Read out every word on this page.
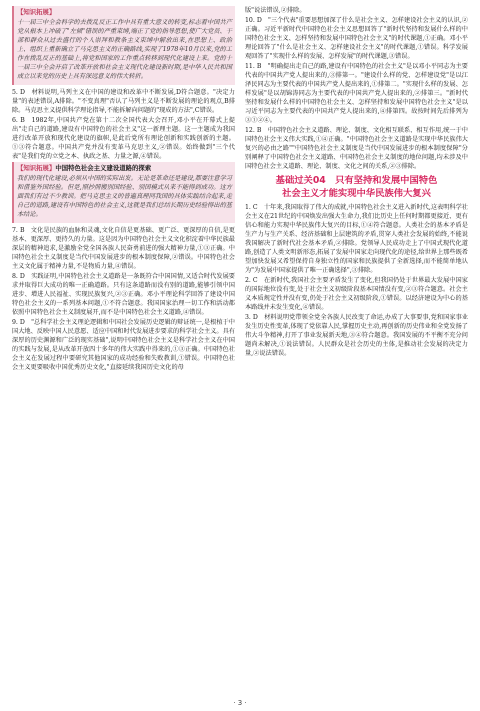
【知识拓展】

十一届三中全会科学的去拨乱反正工作中具有重大意义的转变,标志着中国共产党从根本上冲破了"左倾"错误的严重束缚,端正了党的指导思想,使广大党员、干部和群众从过去盛行的个人崇拜和教条主义束缚中解放出来,在思想上、政治上、组织上重新确立了马克思主义的正确路线,实现了1978年10月以来,党的工作在拨乱反正的基础上,将党和国家的工作重点转移到现代化建设上来。党的十一届三中全会开启了改革开放和社会主义现代化建设新时期,是中华人民共和国成立以来党的历史上具有深远意义的伟大转折。

5. D　材料说明,马列主义在中国的建设和改革中不断发展,D符合题意。"决定力量"的表述错误,A排除。"不变真理"否认了马列主义是不断发展的理论的观点,B排除。马克思主义提供科学理论指导,不能拆解向问题的"现成的方法",C错误。

6. B　1982年,中国共产党在第十二次全国代表大会召开,邓小平在开幕式上提出"走自己的道路,建设有中国特色的社会主义"这一新理主题。这一主题成为我国进行改革开放和现代化建设的旗帜,是此后党所有理论创新和实践创新的主题。①③符合题意。中国共产党并没有变革马克思主义,②错误。始终做到"三个代表"是我们党的立党之本、执政之基、力量之源,④错误。

【知识拓展】中国特色社会主义建设道路的探索

我们的现代化建设,必须从中国的实际出发。无论是革命还是建设,都要注意学习和借鉴外国经验。但是,照抄照搬别国经验、别国模式从来不能得到成功。这方面我们有过不少教训。把马克思主义的普遍真理同我国的具体实践结合起来,走自己的道路,建设有中国特色的社会主义,这就是我们总结长期历史经验得出的基本结论。

7. B　文化是民族的血脉和灵魂,文化自信是更基础、更广泛、更深厚的自信,是更基本、更深厚、更持久的力量。这是因为中国特色社会主义文化积淀着中华民族最深层的精神追求,是激励全党全国各族人民奋勇前进的强大精神力量,①③正确。中国特色社会主义制度是当代中国发展进步的根本制度保障,②错误。中国特色社会主义文化属于精神力量,不是物质力量,④错误。

8. D　实践证明,中国特色社会主义道路是一条既符合中国国情,又适合时代发展要求并取得巨大成功的唯一正确道路。只有这条道路而没有别的道路,能够引领中国进步、增进人民福祉、实现民族复兴,②③正确。邓小平理论科学回答了建设中国特色社会主义的一系列基本问题,①不符合题意。我国国家治理一切工作和活动都依照中国特色社会主义制度展开,而不是中国特色社会主义道路,④错误。

9. D　"总科学社会主义理论逻辑和中国社会发展历史逻辑的辩证统一,是根植于中国大地、反映中国人民意愿、适应中国和时代发展进步要求的科学社会主义。具有深厚的历史渊源和广泛的现实基础",说明中国特色社会主义是科学社会主义在中国的实践与发展,是从改革开放四十多年的伟大实践中得来的,①③正确。中国特色社会主义在发展过程中要研究其他国家的成功经验和失败教训,①错误。中国特色社会主义更要吸收中国优秀历史文化,"直接延续我国历史文化的母

版"说法错误,②排除。

10. D　"三个代表"重要思想加深了什么是社会主义、怎样建设社会主义的认识,②正确。习近平新时代中国特色社会主义思想回答了"新时代坚持和发展什么样的中国特色社会主义、怎样坚持和发展中国特色社会主义"的时代课题,①正确。邓小平理论回答了"什么是社会主义、怎样建设社会主义"的时代课题,①错误。科学发展观回答了"实现什么样的发展、怎样发展"的时代课题,③错误。

11. B　"明确提出走自己的路,建设有中国特色的社会主义"是以邓小平同志为主要代表的中国共产党人提出来的,③排第一。"建设什么样的党、怎样建设党"是以江泽民同志为主要代表的中国共产党人提出来的,①排第二。"实现什么样的发展、怎样发展"是以胡锦涛同志为主要代表的中国共产党人提出来的,②排第三。"新时代坚持和发展什么样的中国特色社会主义、怎样坚持和发展中国特色社会主义"是以习近平同志为主要代表的中国共产党人提出来的,④排第四。故按时间先后排列为③①②④。

12. B　中国特色社会主义道路、理论、制度、文化相互联系、相互作用,统一于中国特色社会主义伟大实践,①④正确。"中国特色社会主义道路是实现中华民族伟大复兴的必由之路""中国特色社会主义制度是当代中国发展进步的根本制度保障"分别阐释了中国特色社会主义道路、中国特色社会主义制度的地位问题,均未涉及中国特色社会主义道路、理论、制度、文化之间的关系,②③排除。

基础过关04　只有坚持和发展中国特色
社会主义才能实现中华民族伟大复兴

1. C　十年来,我国取得了伟大的成就,中国特色社会主义进入新时代,这表明科学社会主义在21世纪的中国焕发出强大生命力,我们比历史上任何时期都更接近、更有信心和能力实现中华民族伟大复兴的目标,①④符合题意。人类社会的基本矛盾是生产力与生产关系、经济基础和上层建筑的矛盾,贯穿人类社会发展的始终,不能说我国解决了新时代社会基本矛盾,②排除。党领导人民成功走上了中国式现代化道路,创造了人类文明新形态,拓展了发展中国家走向现代化的途径,给世界上那些既希望加快发展又希望保持自身独立性的国家和民族提供了全新选择,而不能简单地认为"为发展中国家提供了唯一正确选择",③排除。

2. C　在新时代,我国社会主要矛盾发生了变化,但我国仍处于世界最大发展中国家的国际地位没有变,处于社会主义初级阶段基本国情没有变,②③符合题意。社会主义本质规定性并没有变,仍处于社会主义初级阶段,①错误。以经济建设为中心的基本路线并未发生变化,④错误。

3. D　材料说明党带领全党全各族人民改变了命运,办成了大事要事,党和国家事业发生历史性变革,体现了党依靠人民,掌握历史主动,再创新的历史伟业和全党发扬了伟大斗争精神,打开了事业发展新天地,③④符合题意。我国发展的不平衡不充分问题尚未解决,①说法错误。人民群众是社会历史的主体,是推动社会发展的决定力量,②说法错误。

· 3 ·
